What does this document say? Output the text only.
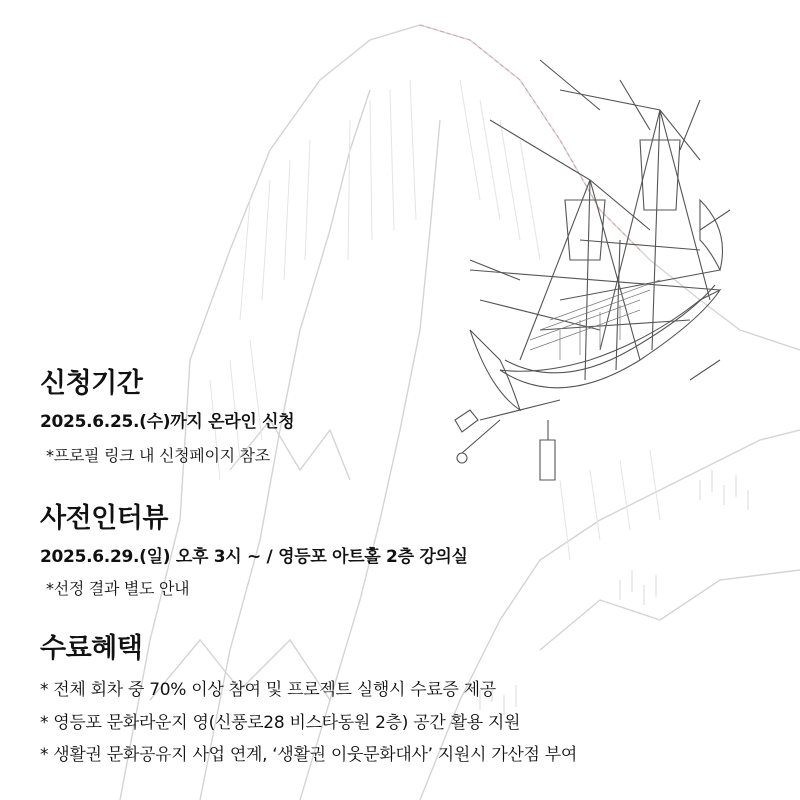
신청기간

2025.6.25.(수)까지 온라인 신청

*프로필 링크 내 신청페이지 참조

사전인터뷰

2025.6.29.(일) 오후 3시 ~ / 영등포 아트홀 2층 강의실

*선정 결과 별도 안내

수료혜택

* 전체 회차 중 70% 이상 참여 및 프로젝트 실행시 수료증 제공

* 영등포 문화라운지 영(신풍로28 비스타동원 2층) 공간 활용 지원

* 생활권 문화공유지 사업 연계, ‘생활권 이웃문화대사’ 지원시 가산점 부여
